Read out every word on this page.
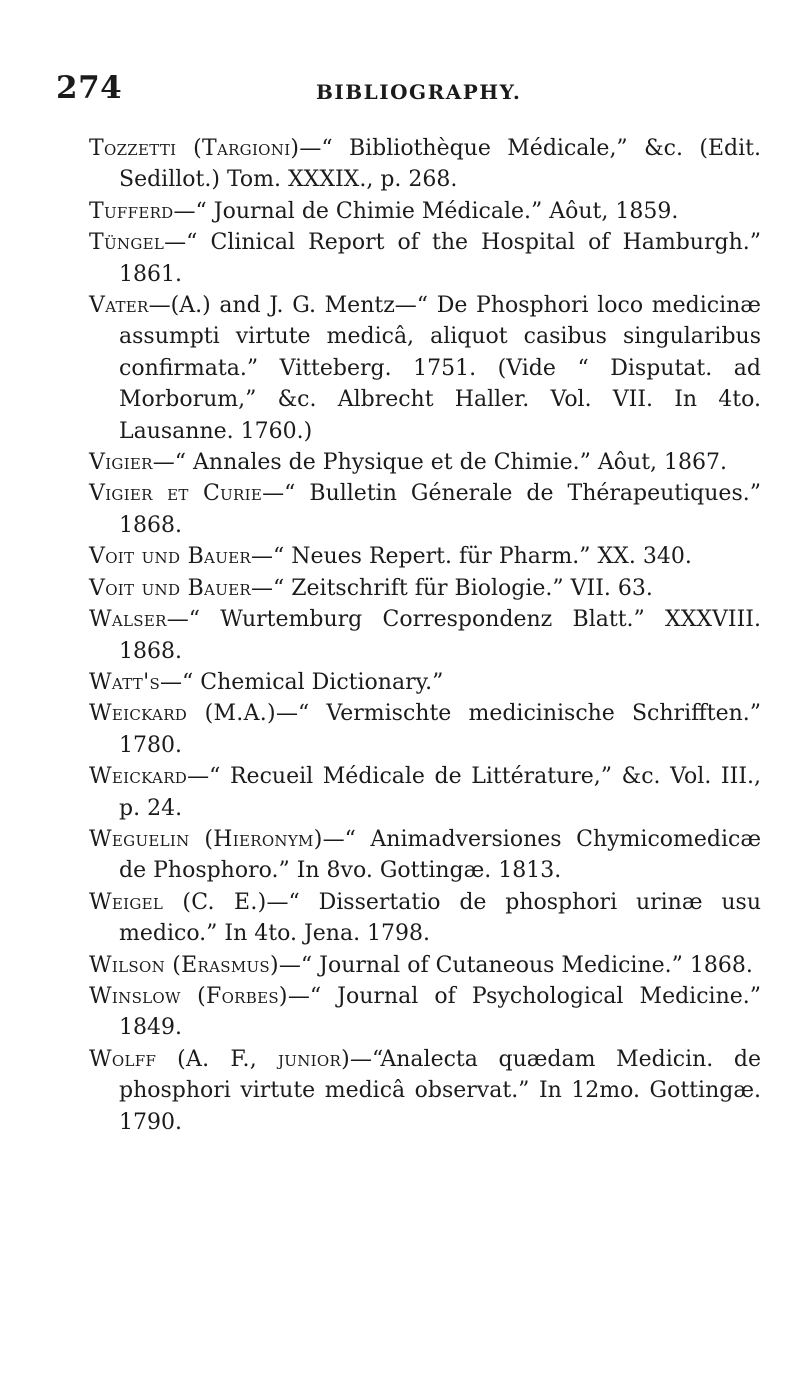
274	BIBLIOGRAPHY.

Tozzetti (Targioni)—“ Bibliothèque Médicale,” &c. (Edit. Sedillot.) Tom. XXXIX., p. 268.

Tufferd—“ Journal de Chimie Médicale.” Aôut, 1859.

Tüngel—“ Clinical Report of the Hospital of Hamburgh.” 1861.

Vater—(A.) and J. G. Mentz—“ De Phosphori loco medicinæ assumpti virtute medicâ, aliquot casibus singularibus confirmata.” Vitteberg. 1751. (Vide “ Disputat. ad Morborum,” &c. Albrecht Haller. Vol. VII. In 4to. Lausanne. 1760.)

Vigier—“ Annales de Physique et de Chimie.” Aôut, 1867.

Vigier et Curie—“ Bulletin Génerale de Thérapeutiques.” 1868.

Voit und Bauer—“ Neues Repert. für Pharm.” XX. 340.

Voit und Bauer—“ Zeitschrift für Biologie.” VII. 63.

Walser—“ Wurtemburg Correspondenz Blatt.” XXXVIII. 1868.

Watt's—“ Chemical Dictionary.”

Weickard (M.A.)—“ Vermischte medicinische Schrifften.” 1780.

Weickard—“ Recueil Médicale de Littérature,” &c. Vol. III., p. 24.

Weguelin (Hieronym)—“ Animadversiones Chymicomedicæ de Phosphoro.” In 8vo. Gottingæ. 1813.

Weigel (C. E.)—“ Dissertatio de phosphori urinæ usu medico.” In 4to. Jena. 1798.

Wilson (Erasmus)—“ Journal of Cutaneous Medicine.” 1868.

Winslow (Forbes)—“ Journal of Psychological Medicine.” 1849.

Wolff (A. F., junior)—“Analecta quædam Medicin. de phosphori virtute medicâ observat.” In 12mo. Gottingæ. 1790.
